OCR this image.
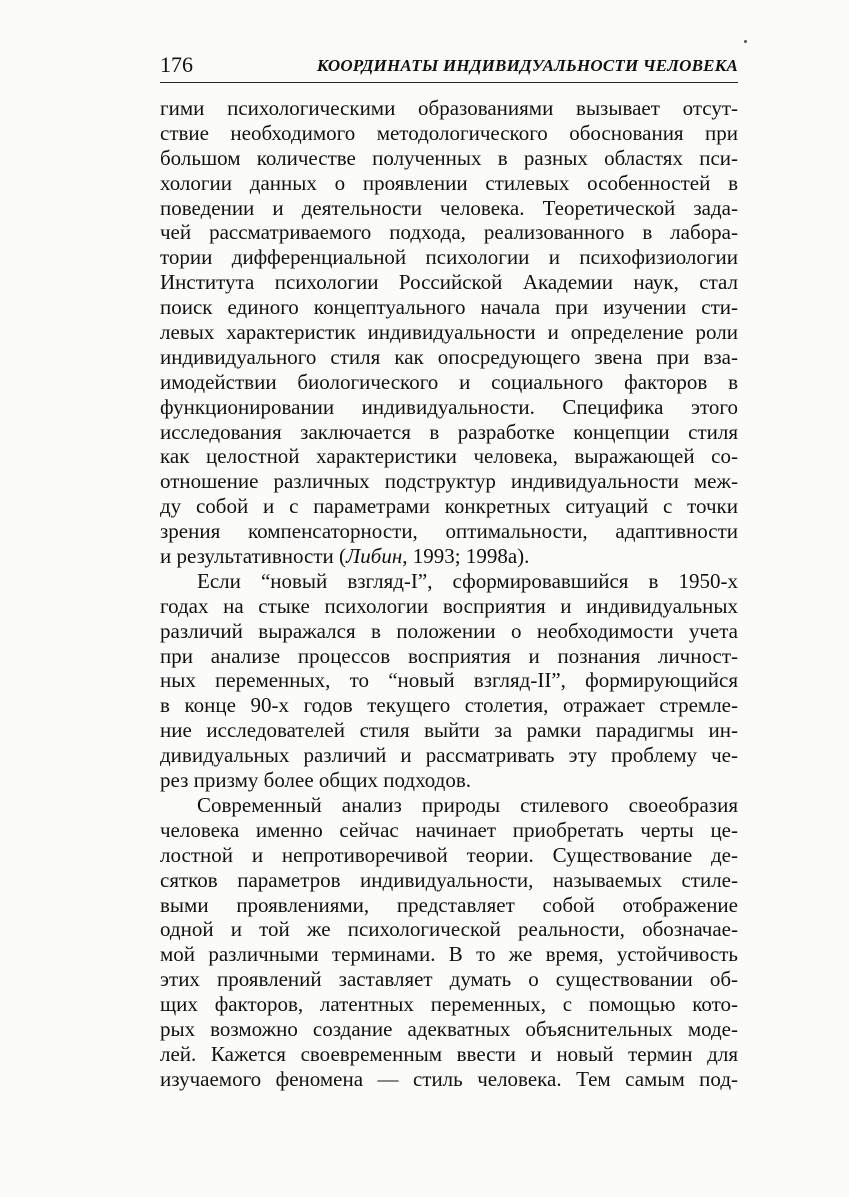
176	КООРДИНАТЫ ИНДИВИДУАЛЬНОСТИ ЧЕЛОВЕКА
гими психологическими образованиями вызывает отсут-
ствие необходимого методологического обоснования при
большом количестве полученных в разных областях пси-
хологии данных о проявлении стилевых особенностей в
поведении и деятельности человека. Теоретической зада-
чей рассматриваемого подхода, реализованного в лабора-
тории дифференциальной психологии и психофизиологии
Института психологии Российской Академии наук, стал
поиск единого концептуального начала при изучении сти-
левых характеристик индивидуальности и определение роли
индивидуального стиля как опосредующего звена при вза-
имодействии биологического и социального факторов в
функционировании индивидуальности. Специфика этого
исследования заключается в разработке концепции стиля
как целостной характеристики человека, выражающей со-
отношение различных подструктур индивидуальности меж-
ду собой и с параметрами конкретных ситуаций с точки
зрения компенсаторности, оптимальности, адаптивности
и результативности (Либин, 1993; 1998а).
Если “новый взгляд-I”, сформировавшийся в 1950-х
годах на стыке психологии восприятия и индивидуальных
различий выражался в положении о необходимости учета
при анализе процессов восприятия и познания личност-
ных переменных, то “новый взгляд-II”, формирующийся
в конце 90-х годов текущего столетия, отражает стремле-
ние исследователей стиля выйти за рамки парадигмы ин-
дивидуальных различий и рассматривать эту проблему че-
рез призму более общих подходов.
Современный анализ природы стилевого своеобразия
человека именно сейчас начинает приобретать черты це-
лостной и непротиворечивой теории. Существование де-
сятков параметров индивидуальности, называемых стиле-
выми проявлениями, представляет собой отображение
одной и той же психологической реальности, обозначае-
мой различными терминами. В то же время, устойчивость
этих проявлений заставляет думать о существовании об-
щих факторов, латентных переменных, с помощью кото-
рых возможно создание адекватных объяснительных моде-
лей. Кажется своевременным ввести и новый термин для
изучаемого феномена — стиль человека. Тем самым под-
